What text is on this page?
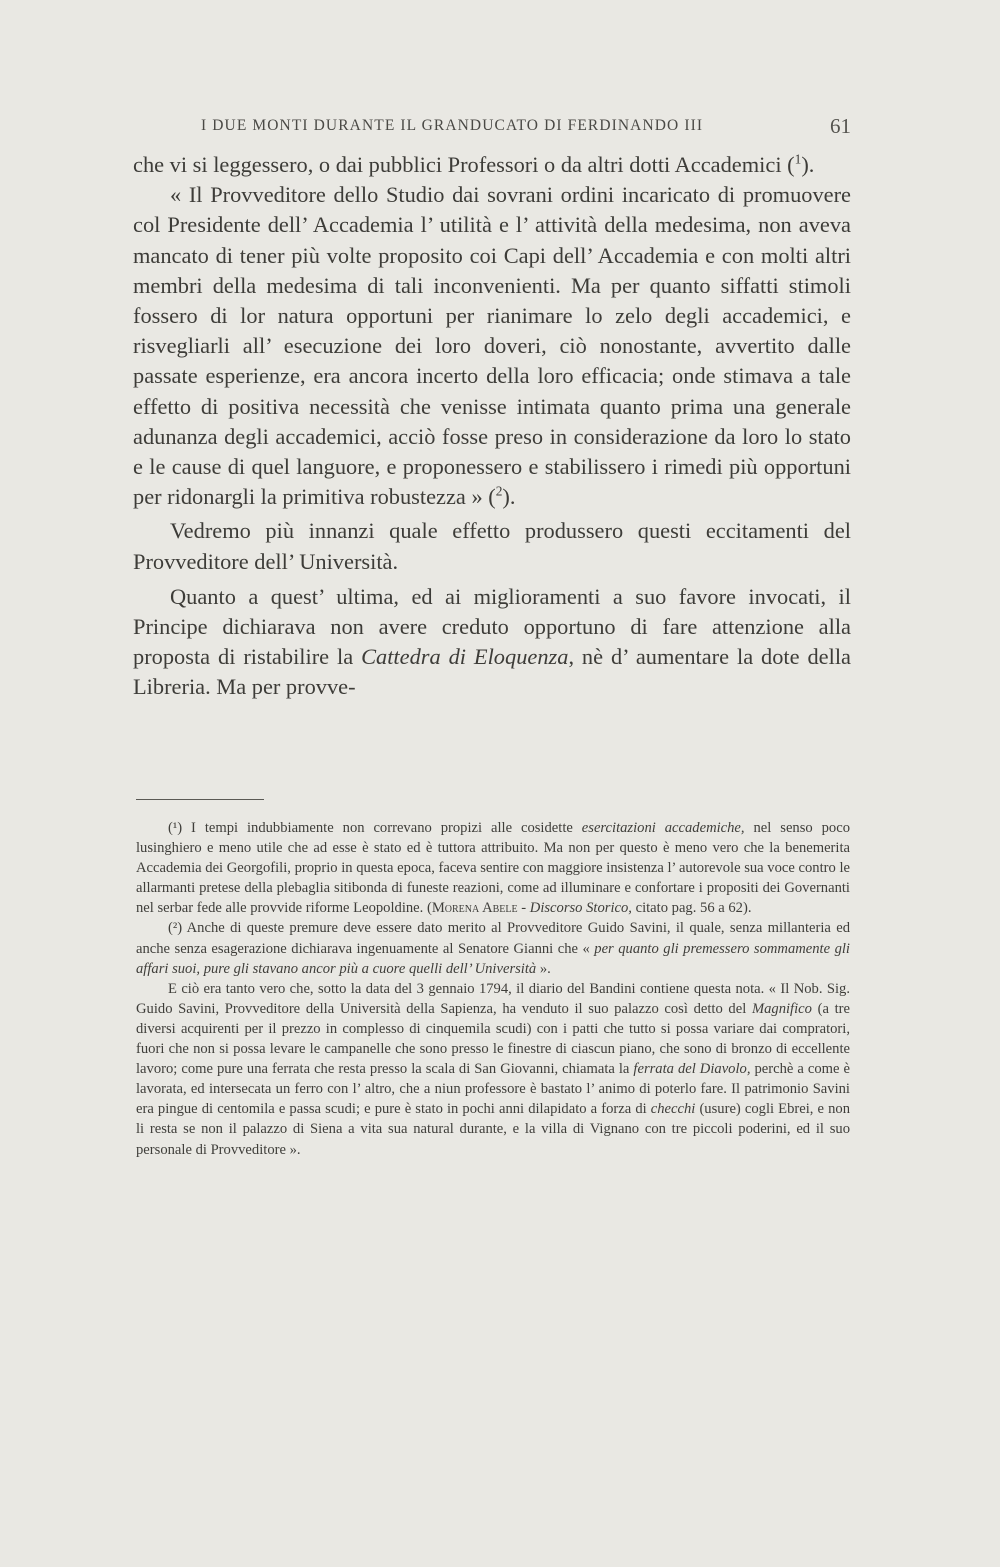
I DUE MONTI DURANTE IL GRANDUCATO DI FERDINANDO III	61

che vi si leggessero, o dai pubblici Professori o da altri dotti Accademici ($^1$).

« Il Provveditore dello Studio dai sovrani ordini incaricato di promuovere col Presidente dell’ Accademia l’ utilità e l’ attività della medesima, non aveva mancato di tener più volte proposito coi Capi dell’ Accademia e con molti altri membri della medesima di tali inconvenienti. Ma per quanto siffatti stimoli fossero di lor natura opportuni per rianimare lo zelo degli accademici, e risvegliarli all’ esecuzione dei loro doveri, ciò nonostante, avvertito dalle passate esperienze, era ancora incerto della loro efficacia; onde stimava a tale effetto di positiva necessità che venisse intimata quanto prima una generale adunanza degli accademici, acciò fosse preso in considerazione da loro lo stato e le cause di quel languore, e proponessero e stabilissero i rimedi più opportuni per ridonargli la primitiva robustezza » ($^2$).

Vedremo più innanzi quale effetto produssero questi eccitamenti del Provveditore dell’ Università.

Quanto a quest’ ultima, ed ai miglioramenti a suo favore invocati, il Principe dichiarava non avere creduto opportuno di fare attenzione alla proposta di ristabilire la Cattedra di Eloquenza, nè d’ aumentare la dote della Libreria. Ma per provve-

(¹) I tempi indubbiamente non correvano propizi alle cosidette esercitazioni accademiche, nel senso poco lusinghiero e meno utile che ad esse è stato ed è tuttora attribuito. Ma non per questo è meno vero che la benemerita Accademia dei Georgofili, proprio in questa epoca, faceva sentire con maggiore insistenza l’ autorevole sua voce contro le allarmanti pretese della plebaglia sitibonda di funeste reazioni, come ad illuminare e confortare i propositi dei Governanti nel serbar fede alle provvide riforme Leopoldine. (Morena Abele - Discorso Storico, citato pag. 56 a 62).

(²) Anche di queste premure deve essere dato merito al Provveditore Guido Savini, il quale, senza millanteria ed anche senza esagerazione dichiarava ingenuamente al Senatore Gianni che « per quanto gli premessero sommamente gli affari suoi, pure gli stavano ancor più a cuore quelli dell’ Università ».

E ciò era tanto vero che, sotto la data del 3 gennaio 1794, il diario del Bandini contiene questa nota. « Il Nob. Sig. Guido Savini, Provveditore della Università della Sapienza, ha venduto il suo palazzo così detto del Magnifico (a tre diversi acquirenti per il prezzo in complesso di cinquemila scudi) con i patti che tutto si possa variare dai compratori, fuori che non si possa levare le campanelle che sono presso le finestre di ciascun piano, che sono di bronzo di eccellente lavoro; come pure una ferrata che resta presso la scala di San Giovanni, chiamata la ferrata del Diavolo, perchè a come è lavorata, ed intersecata un ferro con l’ altro, che a niun professore è bastato l’ animo di poterlo fare. Il patrimonio Savini era pingue di centomila e passa scudi; e pure è stato in pochi anni dilapidato a forza di checchi (usure) cogli Ebrei, e non li resta se non il palazzo di Siena a vita sua natural durante, e la villa di Vignano con tre piccoli poderini, ed il suo personale di Provveditore ».
